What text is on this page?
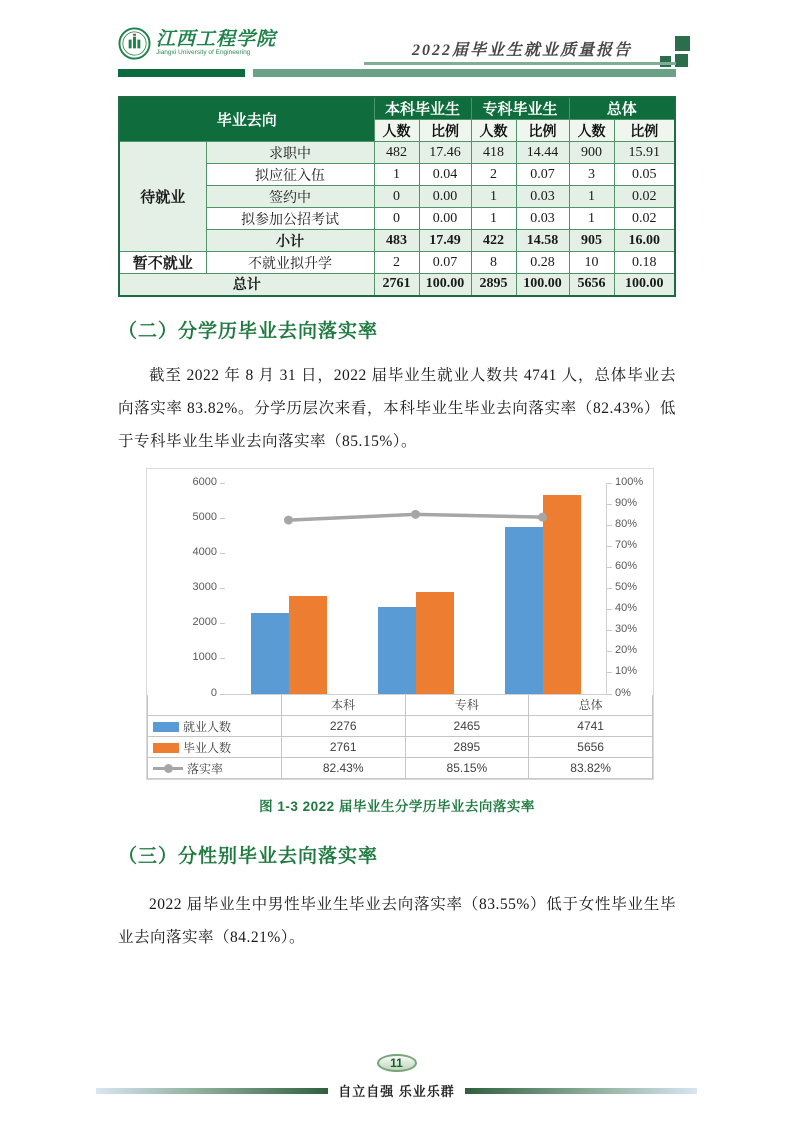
江西工程学院
Jiangxi University of Engineering	2022届毕业生就业质量报告
毕业去向		本科毕业生		专科毕业生		总体	
		人数	比例	人数	比例	人数	比例
待就业	求职中	482	17.46	418	14.44	900	15.91
	拟应征入伍	1	0.04	2	0.07	3	0.05
	签约中	0	0.00	1	0.03	1	0.02
	拟参加公招考试	0	0.00	1	0.03	1	0.02
	小计	483	17.49	422	14.58	905	16.00
暂不就业	不就业拟升学	2	0.07	8	0.28	10	0.18
总计		2761	100.00	2895	100.00	5656	100.00
（二）分学历毕业去向落实率

截至 2022 年 8 月 31 日，2022 届毕业生就业人数共 4741 人，总体毕业去向落实率 83.82%。分学历层次来看，本科毕业生毕业去向落实率（82.43%）低于专科毕业生毕业去向落实率（85.15%）。

6000
5000
4000
3000
2000
1000
0
100%
90%
80%
70%
60%
50%
40%
30%
20%
10%
0%
	本科	专科	总体
就业人数	2276	2465	4741
毕业人数	2761	2895	5656

落实率	82.43%	85.15%	83.82%
图 1-3 2022 届毕业生分学历毕业去向落实率
（三）分性别毕业去向落实率

2022 届毕业生中男性毕业生毕业去向落实率（83.55%）低于女性毕业生毕业去向落实率（84.21%）。

11
自立自强 乐业乐群
